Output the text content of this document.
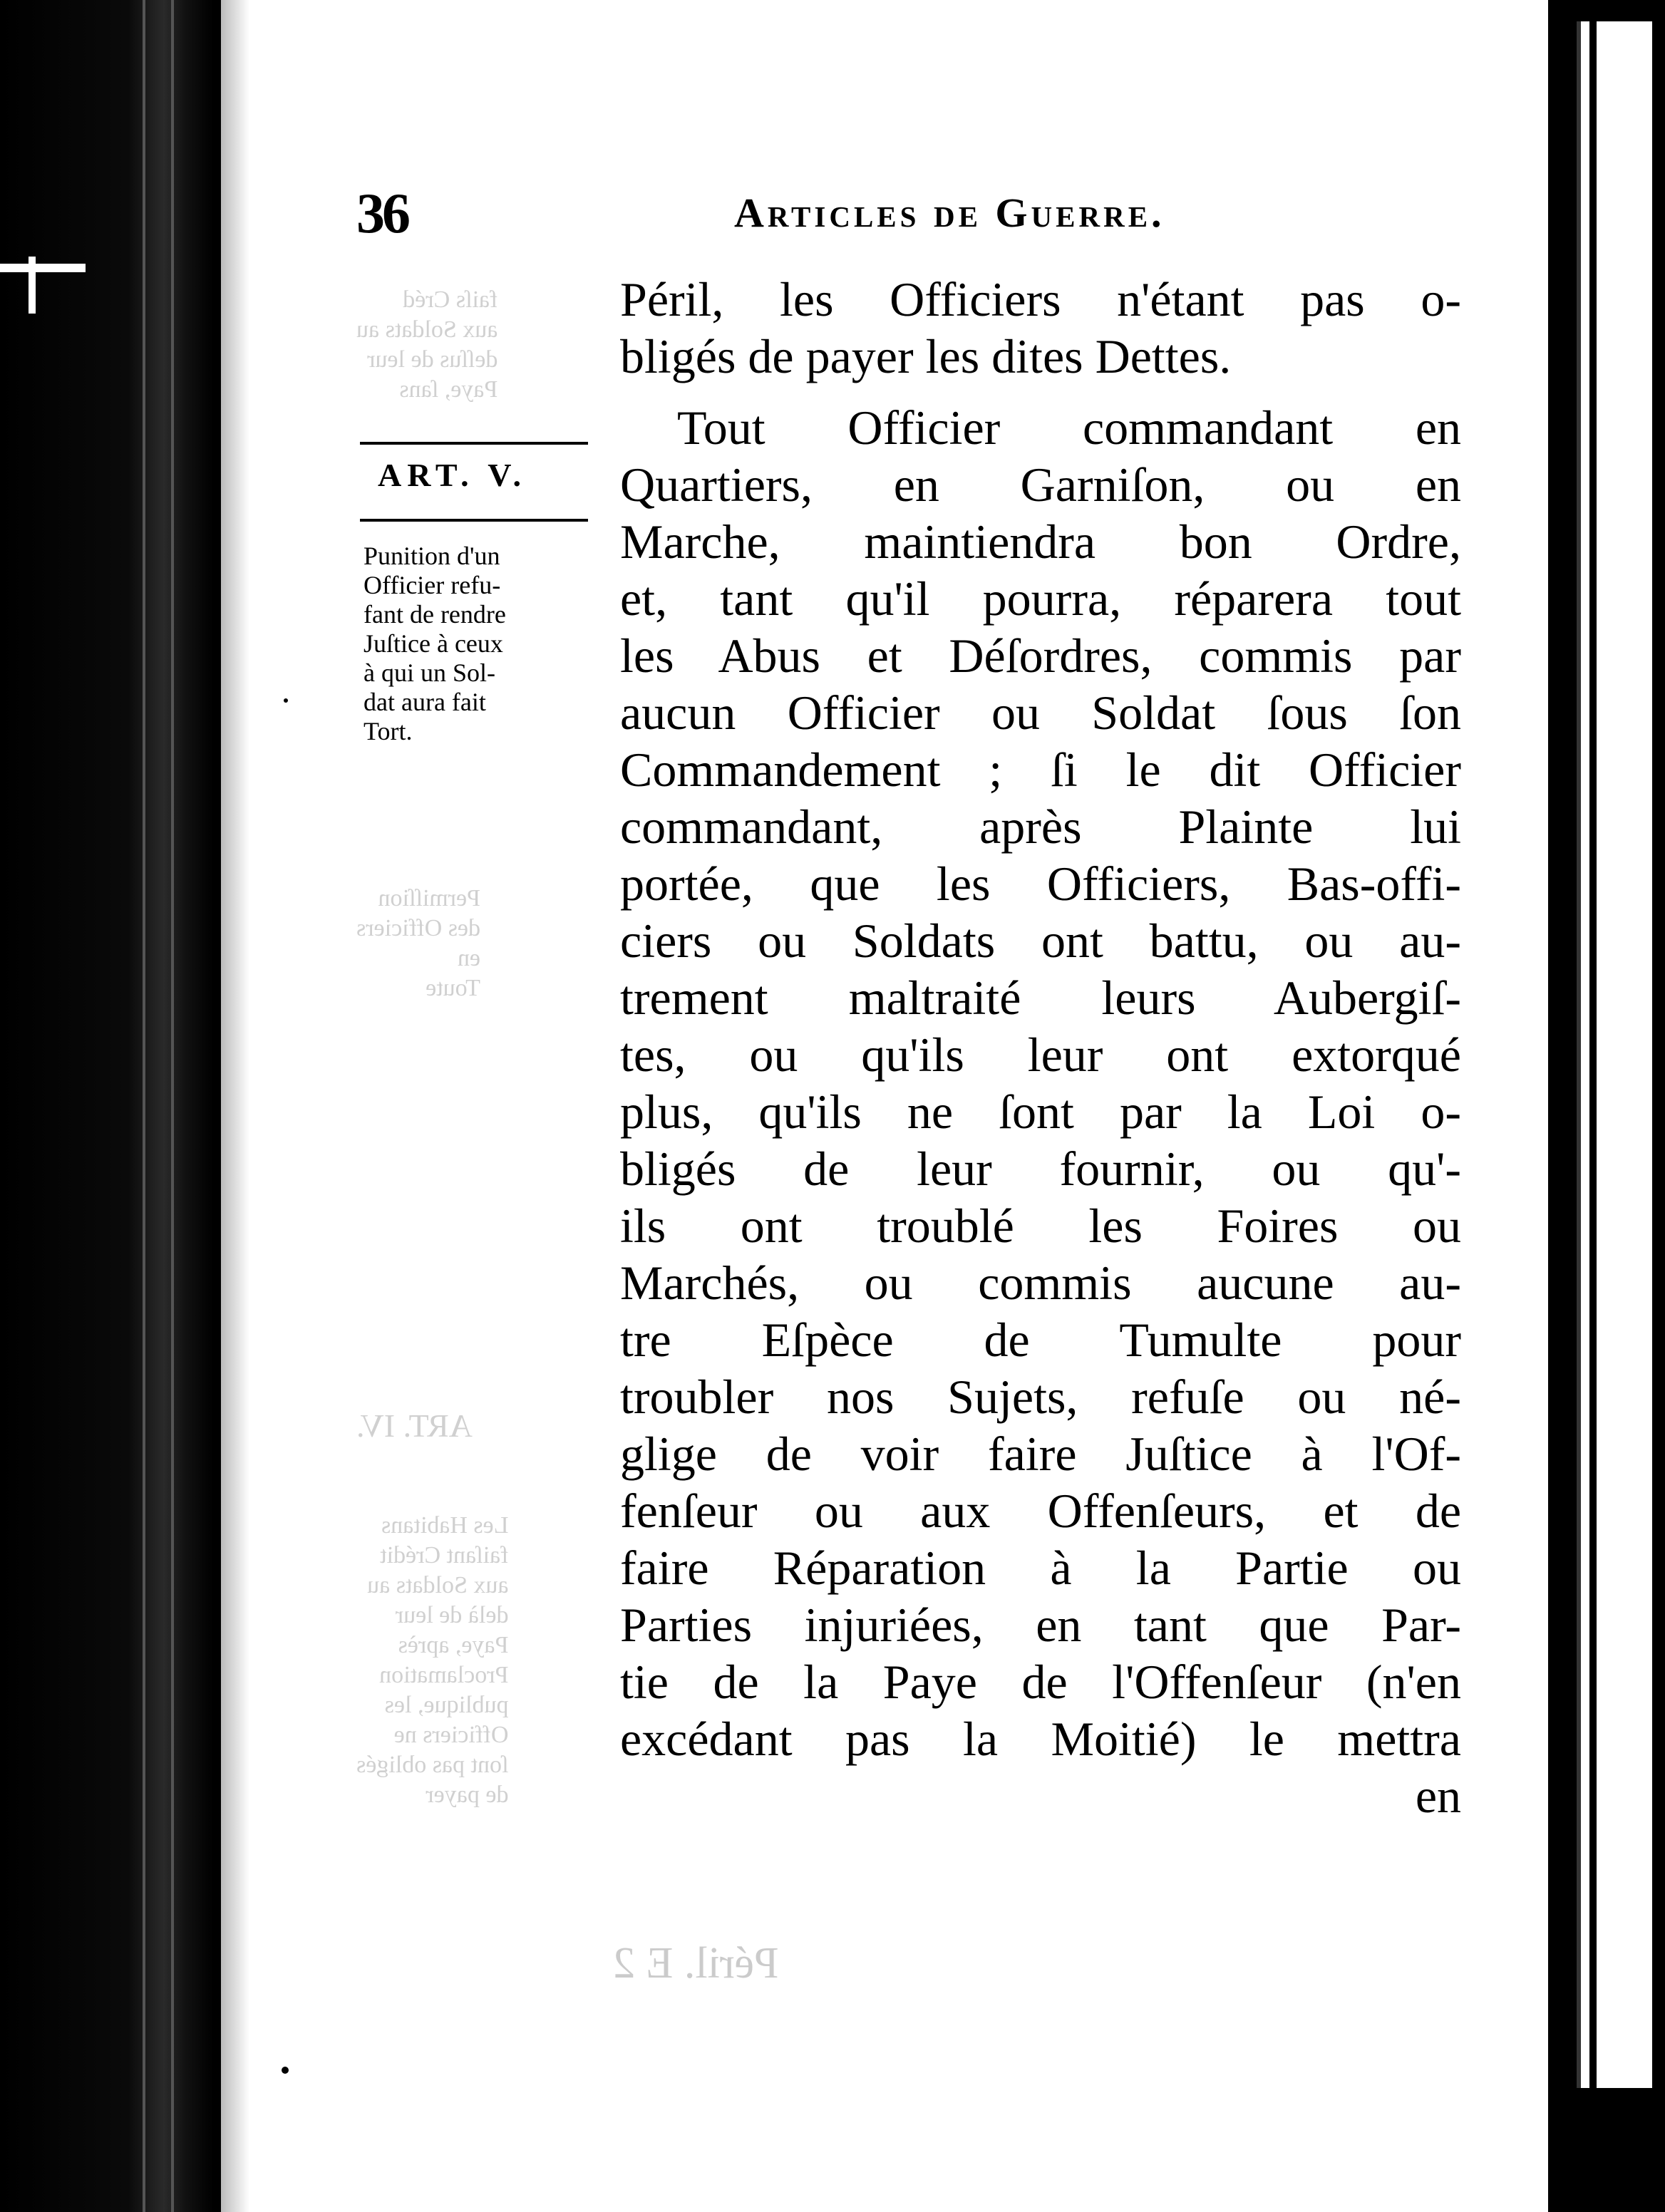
faiſs Créd
aux Soldats au
deſſus de leur
Paye, ſans
Permiſſion
des Officiers
en
Toute
Les Habitans
faiſant Crédit
aux Soldats au
delà de leur
Paye, après
Proclamation
publique, les
Officiers ne
ſont pas obligés
de payer
ART. IV.
Péril. E 2
36	Articles de Guerre.
ART. V.
Punition d'un
Officier refu-
fant de rendre
Juſtice à ceux
à qui un Sol-
dat aura fait
Tort.
Péril, les Officiers n'étant pas o-
bligés de payer les dites Dettes.
Tout Officier commandant en
Quartiers, en Garniſon, ou en
Marche, maintiendra bon Ordre,
et, tant qu'il pourra, réparera tout
les Abus et Déſordres, commis par
aucun Officier ou Soldat ſous ſon
Commandement ; ſi le dit Officier
commandant, après Plainte lui
portée, que les Officiers, Bas-offi-
ciers ou Soldats ont battu, ou au-
trement maltraité leurs Aubergiſ-
tes, ou qu'ils leur ont extorqué
plus, qu'ils ne ſont par la Loi o-
bligés de leur fournir, ou qu'-
ils ont troublé les Foires ou
Marchés, ou commis aucune au-
tre Eſpèce de Tumulte pour
troubler nos Sujets, refuſe ou né-
glige de voir faire Juſtice à l'Of-
fenſeur ou aux Offenſeurs, et de
faire Réparation à la Partie ou
Parties injuriées, en tant que Par-
tie de la Paye de l'Offenſeur (n'en
excédant pas la Moitié) le mettra
en
